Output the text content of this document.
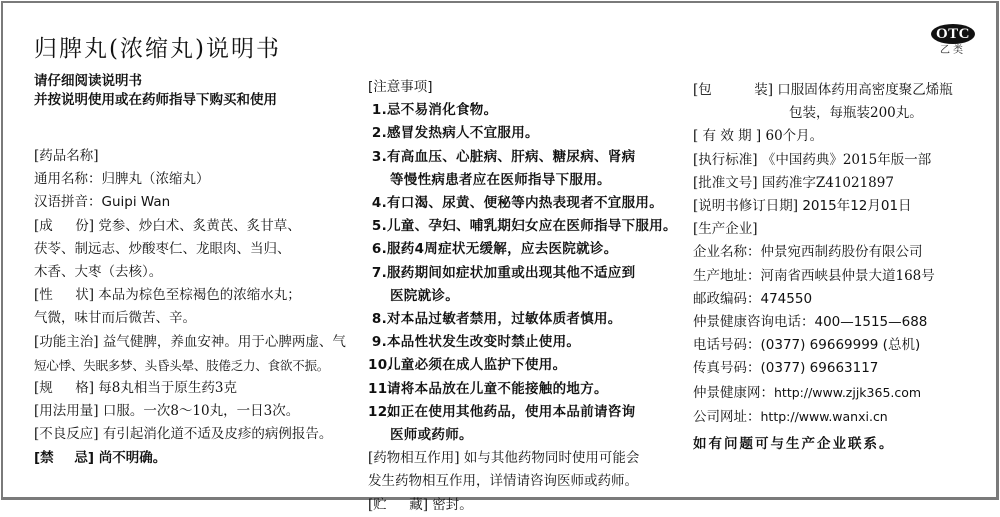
归脾丸(浓缩丸)说明书
OTC
乙类
请仔细阅读说明书
并按说明使用或在药师指导下购买和使用
[药品名称]
通用名称：归脾丸（浓缩丸）
汉语拼音：Guipi Wan
[成 份] 党参、炒白术、炙黄芪、炙甘草、
茯苓、制远志、炒酸枣仁、龙眼肉、当归、
木香、大枣（去核）。
[性 状] 本品为棕色至棕褐色的浓缩水丸；
气微，味甘而后微苦、辛。
[功能主治] 益气健脾，养血安神。用于心脾两虚、气
短心悸、失眠多梦、头昏头晕、肢倦乏力、食欲不振。
[规 格] 每8丸相当于原生药3克
[用法用量] 口服。一次8～10丸，一日3次。
[不良反应] 有引起消化道不适及皮疹的病例报告。
[禁 忌] 尚不明确。
[注意事项]
1.忌不易消化食物。
2.感冒发热病人不宜服用。
3.有高血压、心脏病、肝病、糖尿病、肾病
等慢性病患者应在医师指导下服用。
4.有口渴、尿黄、便秘等内热表现者不宜服用。
5.儿童、孕妇、哺乳期妇女应在医师指导下服用。
6.服药4周症状无缓解，应去医院就诊。
7.服药期间如症状加重或出现其他不适应到
医院就诊。
8.对本品过敏者禁用，过敏体质者慎用。
9.本品性状发生改变时禁止使用。
10.儿童必须在成人监护下使用。
11.请将本品放在儿童不能接触的地方。
12.如正在使用其他药品，使用本品前请咨询
医师或药师。
[药物相互作用] 如与其他药物同时使用可能会
发生药物相互作用，详情请咨询医师或药师。
[贮 藏] 密封。
[包	装] 口服固体药用高密度聚乙烯瓶
包装，每瓶装200丸。
[ 有 效 期 ] 60个月。
[执行标准] 《中国药典》2015年版一部
[批准文号] 国药准字Z41021897
[说明书修订日期] 2015年12月01日
[生产企业]
企业名称：仲景宛西制药股份有限公司
生产地址：河南省西峡县仲景大道168号
邮政编码：474550
仲景健康咨询电话：400—1515—688
电话号码：(0377) 69669999 (总机)
传真号码：(0377) 69663117
仲景健康网：http://www.zjjk365.com
公司网址：http://www.wanxi.cn
如有问题可与生产企业联系。
